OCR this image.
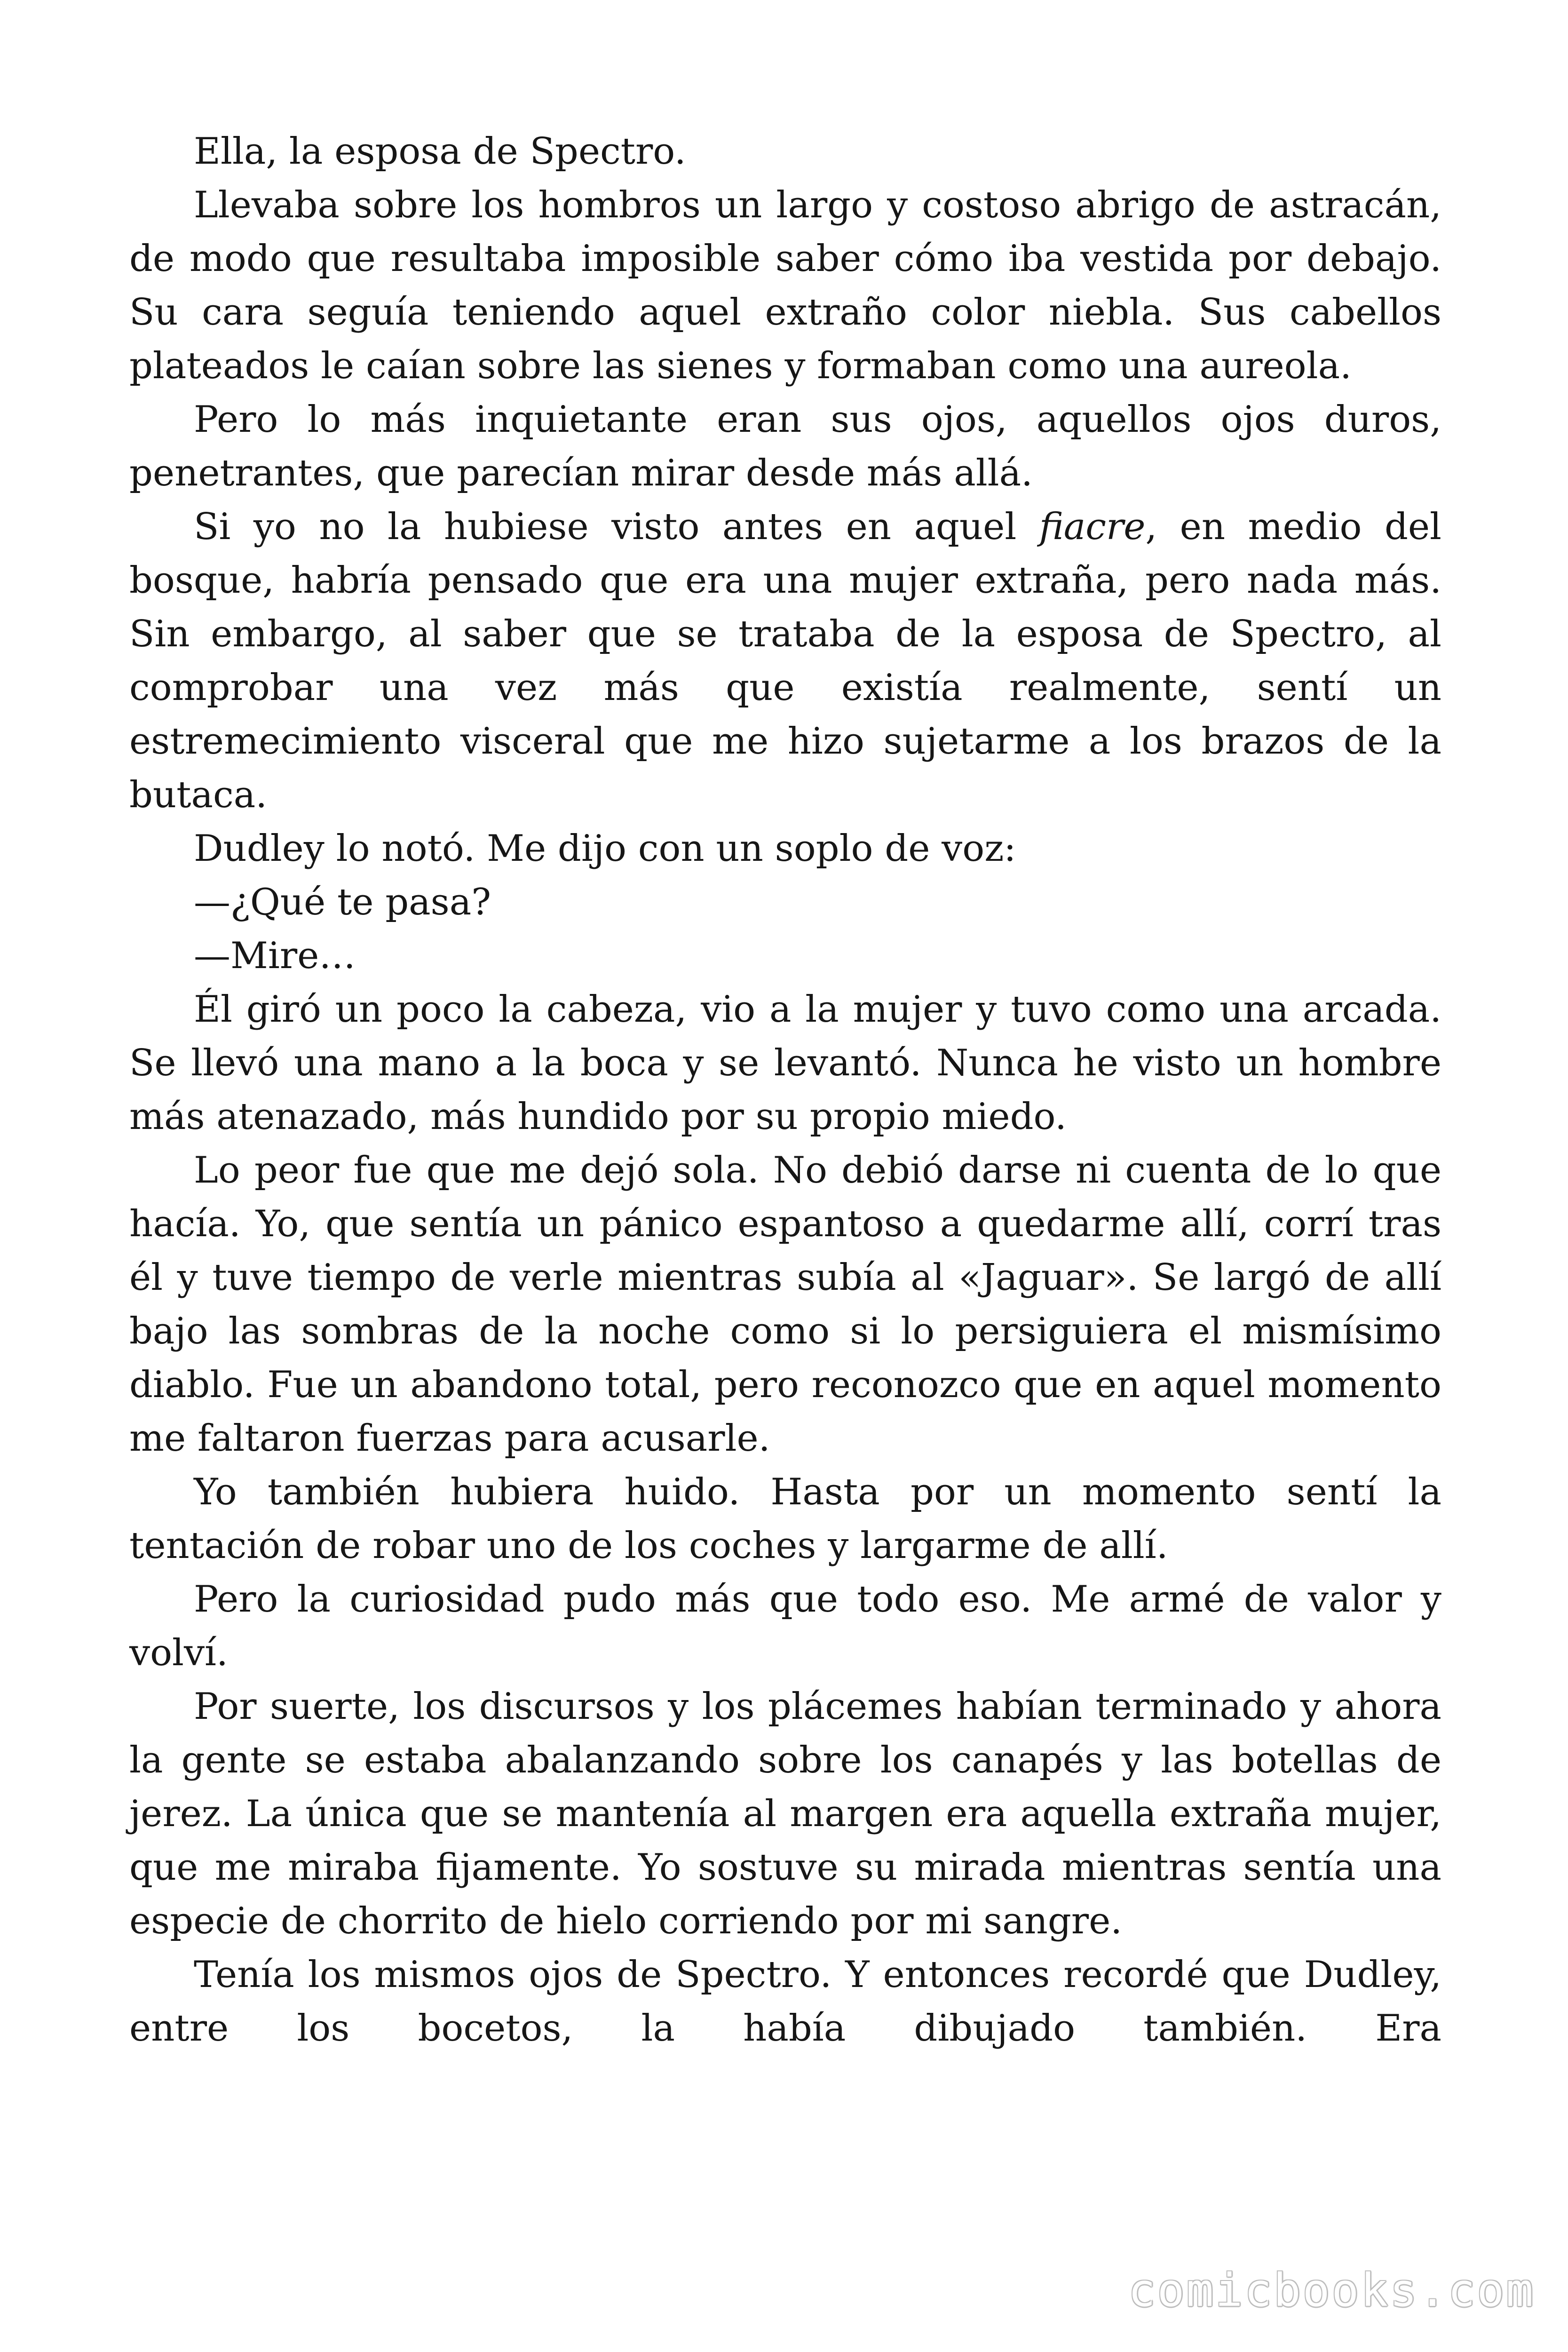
Ella, la esposa de Spectro.

Llevaba sobre los hombros un largo y costoso abrigo de astracán, de modo que resultaba imposible saber cómo iba vestida por debajo. Su cara seguía teniendo aquel extraño color niebla. Sus cabellos plateados le caían sobre las sienes y formaban como una aureola.

Pero lo más inquietante eran sus ojos, aquellos ojos duros, penetrantes, que parecían mirar desde más allá.

Si yo no la hubiese visto antes en aquel fiacre, en medio del bosque, habría pensado que era una mujer extraña, pero nada más. Sin embargo, al saber que se trataba de la esposa de Spectro, al comprobar una vez más que existía realmente, sentí un estremecimiento visceral que me hizo sujetarme a los brazos de la butaca.

Dudley lo notó. Me dijo con un soplo de voz:

—¿Qué te pasa?

—Mire…

Él giró un poco la cabeza, vio a la mujer y tuvo como una arcada. Se llevó una mano a la boca y se levantó. Nunca he visto un hombre más atenazado, más hundido por su propio miedo.

Lo peor fue que me dejó sola. No debió darse ni cuenta de lo que hacía. Yo, que sentía un pánico espantoso a quedarme allí, corrí tras él y tuve tiempo de verle mientras subía al «Jaguar». Se largó de allí bajo las sombras de la noche como si lo persiguiera el mismísimo diablo. Fue un abandono total, pero reconozco que en aquel momento me faltaron fuerzas para acusarle.

Yo también hubiera huido. Hasta por un momento sentí la tentación de robar uno de los coches y largarme de allí.

Pero la curiosidad pudo más que todo eso. Me armé de valor y volví.

Por suerte, los discursos y los plácemes habían terminado y ahora la gente se estaba abalanzando sobre los canapés y las botellas de jerez. La única que se mantenía al margen era aquella extraña mujer, que me miraba fijamente. Yo sostuve su mirada mientras sentía una especie de chorrito de hielo corriendo por mi sangre.

Tenía los mismos ojos de Spectro. Y entonces recordé que Dudley, entre los bocetos, la había dibujado también. Era

comicbooks.com
